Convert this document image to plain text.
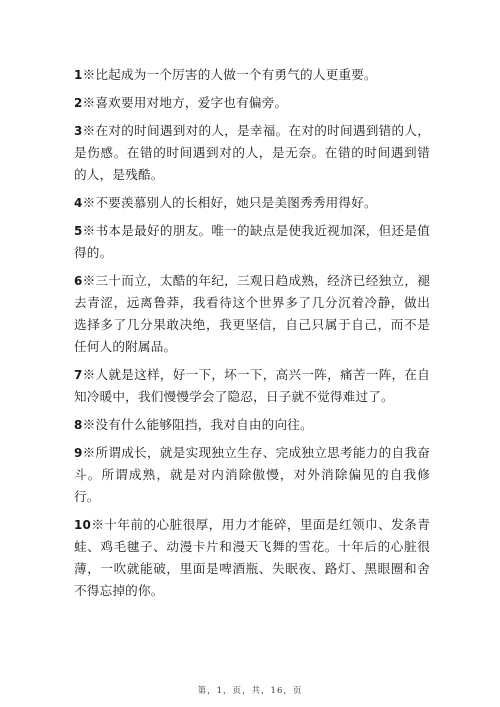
1※比起成为一个厉害的人做一个有勇气的人更重要。

2※喜欢要用对地方，爱字也有偏旁。

3※在对的时间遇到对的人，是幸福。在对的时间遇到错的人，是伤感。在错的时间遇到对的人，是无奈。在错的时间遇到错的人，是残酷。

4※不要羡慕别人的长相好，她只是美图秀秀用得好。

5※书本是最好的朋友。唯一的缺点是使我近视加深，但还是值得的。

6※三十而立，太酷的年纪，三观日趋成熟，经济已经独立，褪去青涩，远离鲁莽，我看待这个世界多了几分沉着冷静，做出选择多了几分果敢决绝，我更坚信，自己只属于自己，而不是任何人的附属品。

7※人就是这样，好一下，坏一下，高兴一阵，痛苦一阵，在自知冷暖中，我们慢慢学会了隐忍，日子就不觉得难过了。

8※没有什么能够阻挡，我对自由的向往。

9※所谓成长，就是实现独立生存、完成独立思考能力的自我奋斗。所谓成熟，就是对内消除傲慢，对外消除偏见的自我修行。

10※十年前的心脏很厚，用力才能碎，里面是红领巾、发条青蛙、鸡毛毽子、动漫卡片和漫天飞舞的雪花。十年后的心脏很薄，一吹就能破，里面是啤酒瓶、失眠夜、路灯、黑眼圈和舍不得忘掉的你。

第，1，页，共，16，页
